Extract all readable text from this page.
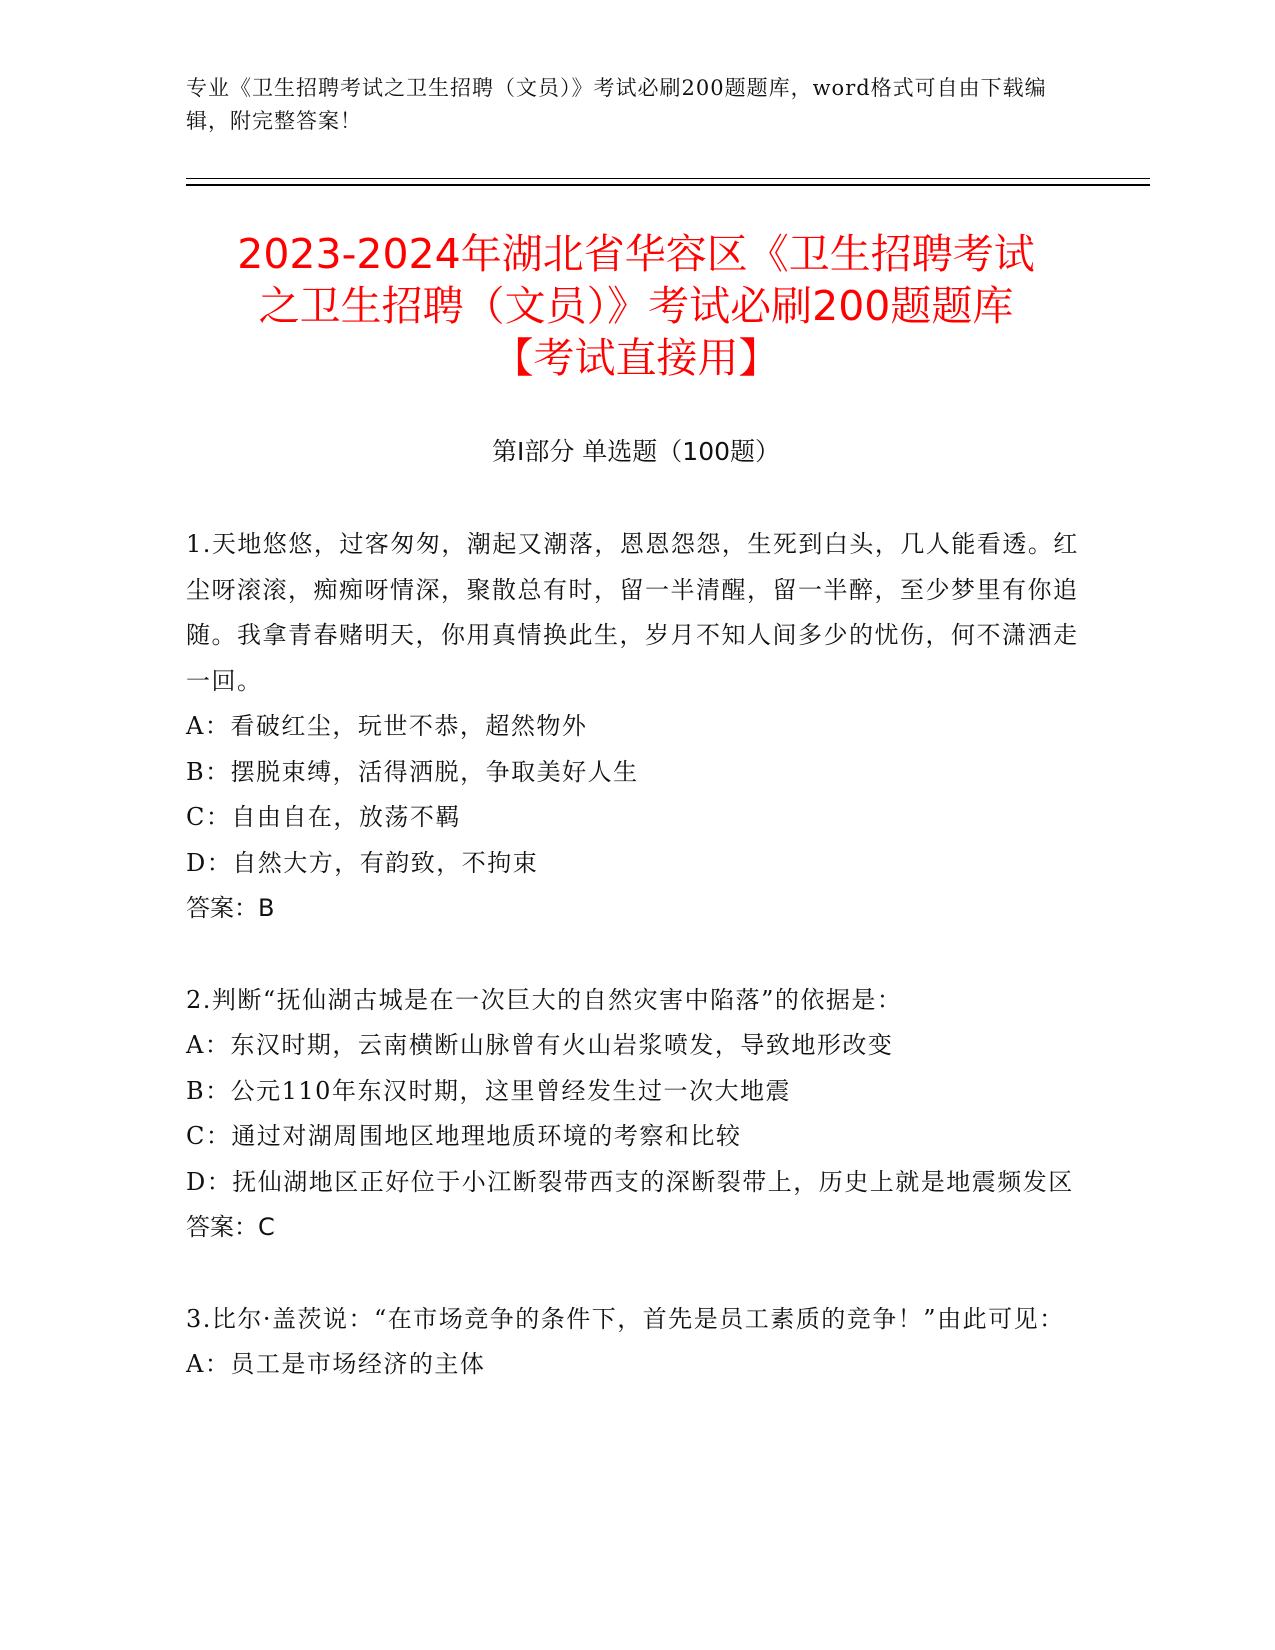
专业《卫生招聘考试之卫生招聘（文员）》考试必刷200题题库，word格式可自由下载编辑，附完整答案！
2023-2024年湖北省华容区《卫生招聘考试
之卫生招聘（文员）》考试必刷200题题库
【考试直接用】
第Ⅰ部分 单选题（100题）

1.天地悠悠，过客匆匆，潮起又潮落，恩恩怨怨，生死到白头，几人能看透。红尘呀滚滚，痴痴呀情深，聚散总有时，留一半清醒，留一半醉，至少梦里有你追随。我拿青春赌明天，你用真情换此生，岁月不知人间多少的忧伤，何不潇洒走一回。

A：看破红尘，玩世不恭，超然物外

B：摆脱束缚，活得洒脱，争取美好人生

C：自由自在，放荡不羁

D：自然大方，有韵致，不拘束

答案：B

2.判断“抚仙湖古城是在一次巨大的自然灾害中陷落”的依据是：

A：东汉时期，云南横断山脉曾有火山岩浆喷发，导致地形改变

B：公元110年东汉时期，这里曾经发生过一次大地震

C：通过对湖周围地区地理地质环境的考察和比较

D：抚仙湖地区正好位于小江断裂带西支的深断裂带上，历史上就是地震频发区

答案：C

3.比尔·盖茨说：“在市场竞争的条件下，首先是员工素质的竞争！”由此可见：

A：员工是市场经济的主体
